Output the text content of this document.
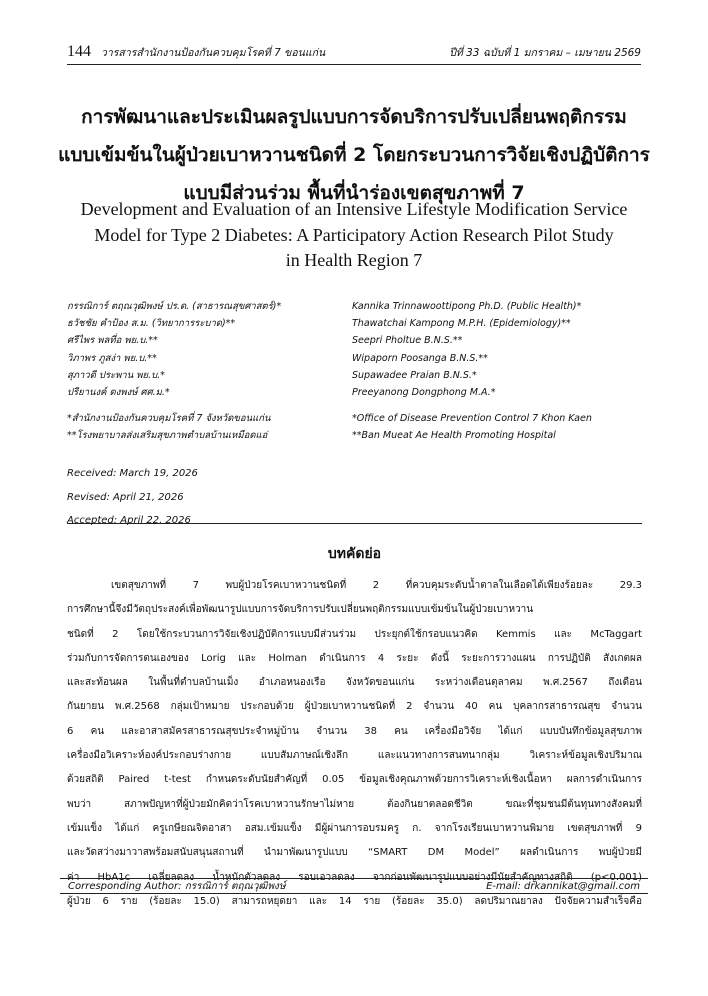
144 วารสารสำนักงานป้องกันควบคุมโรคที่ 7 ขอนแก่น	ปีที่ 33 ฉบับที่ 1 มกราคม – เมษายน 2569
การพัฒนาและประเมินผลรูปแบบการจัดบริการปรับเปลี่ยนพฤติกรรม
แบบเข้มข้นในผู้ป่วยเบาหวานชนิดที่ 2 โดยกระบวนการวิจัยเชิงปฏิบัติการ
แบบมีส่วนร่วม พื้นที่นำร่องเขตสุขภาพที่ 7
Development and Evaluation of an Intensive Lifestyle Modification Service
Model for Type 2 Diabetes: A Participatory Action Research Pilot Study
in Health Region 7
กรรณิการ์ ตฤณวุฒิพงษ์ ปร.ด. (สาธารณสุขศาสตร์)*	Kannika Trinnawoottipong Ph.D. (Public Health)*
ธวัชชัย คำป้อง ส.ม. (วิทยาการระบาด)**	Thawatchai Kampong M.P.H. (Epidemiology)**
ศรีไพร พลที่อ พย.บ.**	Seepri Pholtue B.N.S.**
วิภาพร ภูสง่า พย.บ.**	Wipaporn Poosanga B.N.S.**
สุภาวดี ประพาน พย.บ.*	Supawadee Praian B.N.S.*
ปรียานงค์ ดงพงษ์ ศศ.ม.*	Preeyanong Dongphong M.A.*
*สำนักงานป้องกันควบคุมโรคที่ 7 จังหวัดขอนแก่น	*Office of Disease Prevention Control 7 Khon Kaen
**โรงพยาบาลส่งเสริมสุขภาพตำบลบ้านเหมือดแอ่	**Ban Mueat Ae Health Promoting Hospital
Received: March 19, 2026
Revised: April 21, 2026
Accepted: April 22, 2026
บทคัดย่อ
เขตสุขภาพที่ 7 พบผู้ป่วยโรคเบาหวานชนิดที่ 2 ที่ควบคุมระดับน้ำตาลในเลือดได้เพียงร้อยละ 29.3
การศึกษานี้จึงมีวัตถุประสงค์เพื่อพัฒนารูปแบบการจัดบริการปรับเปลี่ยนพฤติกรรมแบบเข้มข้นในผู้ป่วยเบาหวาน
ชนิดที่ 2 โดยใช้กระบวนการวิจัยเชิงปฏิบัติการแบบมีส่วนร่วม ประยุกต์ใช้กรอบแนวคิด Kemmis และ McTaggart
ร่วมกับการจัดการตนเองของ Lorig และ Holman ดำเนินการ 4 ระยะ ดังนี้ ระยะการวางแผน การปฏิบัติ สังเกตผล
และสะท้อนผล ในพื้นที่ตำบลบ้านเม็ง อำเภอหนองเรือ จังหวัดขอนแก่น ระหว่างเดือนตุลาคม พ.ศ.2567 ถึงเดือน
กันยายน พ.ศ.2568 กลุ่มเป้าหมาย ประกอบด้วย ผู้ป่วยเบาหวานชนิดที่ 2 จำนวน 40 คน บุคลากรสาธารณสุข จำนวน
6 คน และอาสาสมัครสาธารณสุขประจำหมู่บ้าน จำนวน 38 คน เครื่องมือวิจัย ได้แก่ แบบบันทึกข้อมูลสุขภาพ
เครื่องมือวิเคราะห์องค์ประกอบร่างกาย แบบสัมภาษณ์เชิงลึก และแนวทางการสนทนากลุ่ม วิเคราะห์ข้อมูลเชิงปริมาณ
ด้วยสถิติ Paired t-test กำหนดระดับนัยสำคัญที่ 0.05 ข้อมูลเชิงคุณภาพด้วยการวิเคราะห์เชิงเนื้อหา ผลการดำเนินการ
พบว่า สภาพปัญหาที่ผู้ป่วยมักคิดว่าโรคเบาหวานรักษาไม่หาย ต้องกินยาตลอดชีวิต ขณะที่ชุมชนมีต้นทุนทางสังคมที่
เข้มแข็ง ได้แก่ ครูเกษียณจิตอาสา อสม.เข้มแข็ง มีผู้ผ่านการอบรมครู ก. จากโรงเรียนเบาหวานพิมาย เขตสุขภาพที่ 9
และวัดสว่างมาวาสพร้อมสนับสนุนสถานที่ นำมาพัฒนารูปแบบ “SMART DM Model” ผลดำเนินการ พบผู้ป่วยมี
ค่า HbA1c เฉลี่ยลดลง น้ำหนักตัวลดลง รอบเอวลดลง จากก่อนพัฒนารูปแบบอย่างมีนัยสำคัญทางสถิติ (p<0.001)
ผู้ป่วย 6 ราย (ร้อยละ 15.0) สามารถหยุดยา และ 14 ราย (ร้อยละ 35.0) ลดปริมาณยาลง ปัจจัยความสำเร็จคือ
Corresponding Author: กรรณิการ์ ตฤณวุฒิพงษ์	E-mail: drkannikat@gmail.com
